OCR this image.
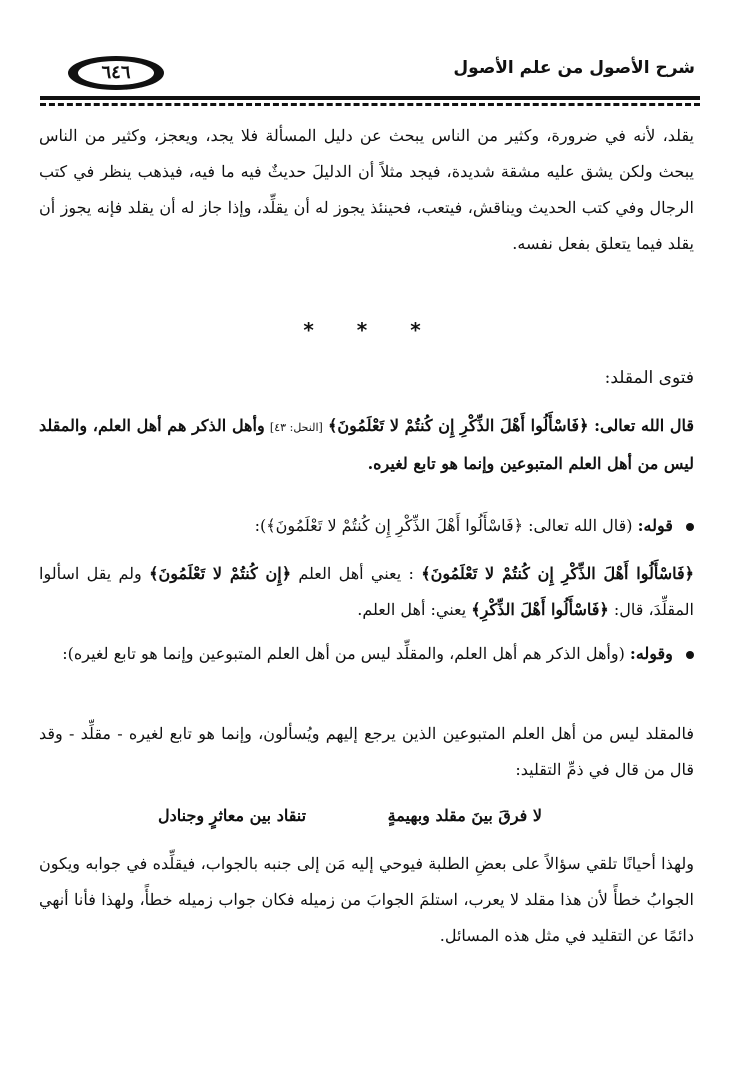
٦٤٦	شرح الأصول من علم الأصول
يقلد، لأنه في ضرورة، وكثير من الناس يبحث عن دليل المسألة فلا يجد، ويعجز، وكثير من الناس يبحث ولكن يشق عليه مشقة شديدة، فيجد مثلاً أن الدليلَ حديثٌ فيه ما فيه، فيذهب ينظر في كتب الرجال وفي كتب الحديث ويناقش، فيتعب، فحينئذ يجوز له أن يقلِّد، وإذا جاز له أن يقلد فإنه يجوز أن يقلد فيما يتعلق بفعل نفسه.
* * *
فتوى المقلد:
قال الله تعالى: ﴿فَاسْأَلُوا أَهْلَ الذِّكْرِ إِن كُنتُمْ لا تَعْلَمُونَ﴾ [النحل: ٤٣] وأهل الذكر هم أهل العلم، والمقلد ليس من أهل العلم المتبوعين وإنما هو تابع لغيره.
قوله: (قال الله تعالى: ﴿فَاسْأَلُوا أَهْلَ الذِّكْرِ إِن كُنتُمْ لا تَعْلَمُونَ﴾):
﴿فَاسْأَلُوا أَهْلَ الذِّكْرِ إِن كُنتُمْ لا تَعْلَمُونَ﴾ : يعني أهل العلم ﴿إِن كُنتُمْ لا تَعْلَمُونَ﴾ ولم يقل اسألوا المقلِّدَ، قال: ﴿فَاسْأَلُوا أَهْلَ الذِّكْرِ﴾ يعني: أهل العلم.
وقوله: (وأهل الذكر هم أهل العلم، والمقلِّد ليس من أهل العلم المتبوعين وإنما هو تابع لغيره):
فالمقلد ليس من أهل العلم المتبوعين الذين يرجع إليهم ويُسألون، وإنما هو تابع لغيره - مقلِّد - وقد قال من قال في ذمِّ التقليد:
لا فرقَ بينَ مقلد وبهيمةٍ
تنقاد بين معاثرٍ وجنادل
ولهذا أحيانًا تلقي سؤالاً على بعضِ الطلبة فيوحي إليه مَن إلى جنبه بالجواب، فيقلِّده في جوابه ويكون الجوابُ خطأً لأن هذا مقلد لا يعرب، استلمَ الجوابَ من زميله فكان جواب زميله خطأً، ولهذا فأنا أنهي دائمًا عن التقليد في مثل هذه المسائل.
